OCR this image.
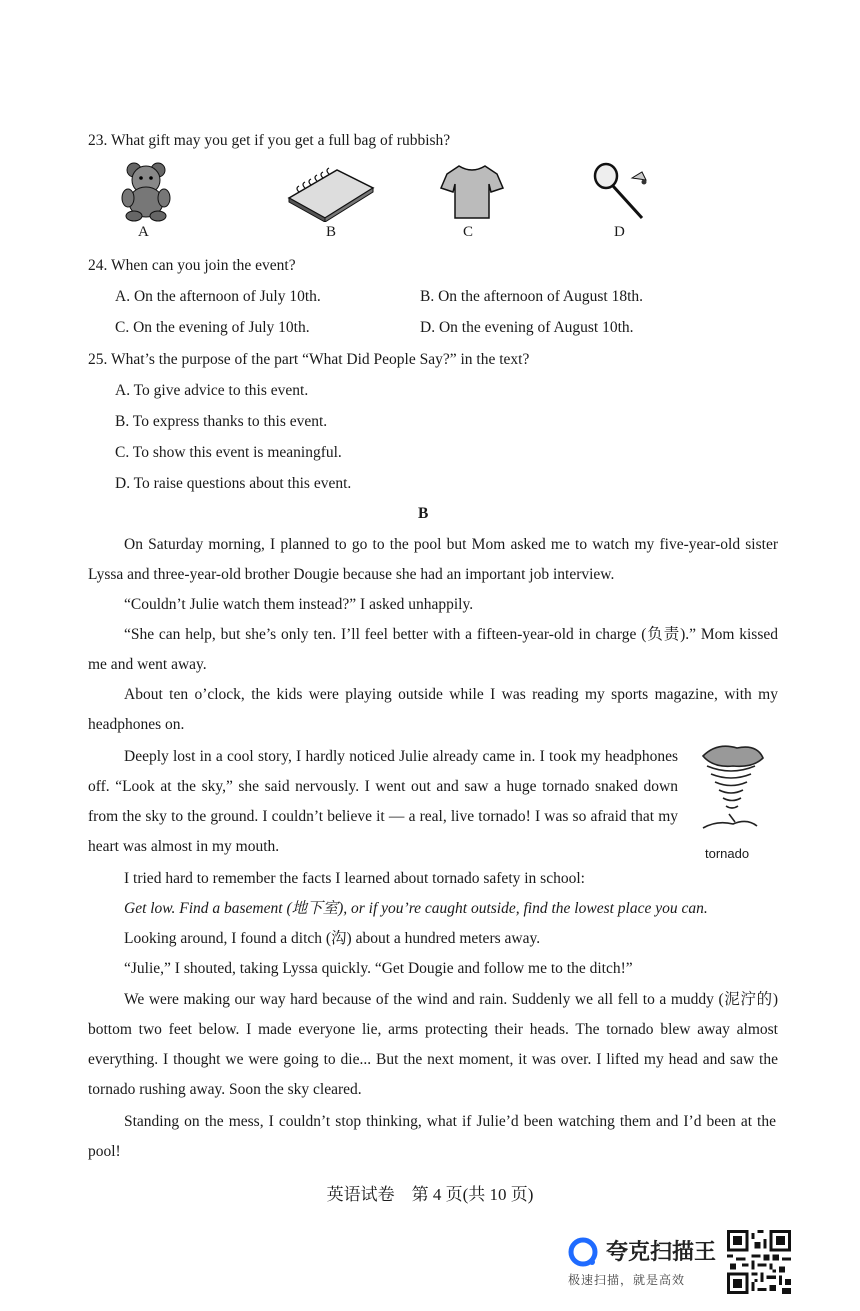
23. What gift may you get if you get a full bag of rubbish?
A	B	C	D
24. When can you join the event?
A. On the afternoon of July 10th.	B. On the afternoon of August 18th.
C. On the evening of July 10th.	D. On the evening of August 10th.
25. What’s the purpose of the part “What Did People Say?” in the text?
A. To give advice to this event.
B. To express thanks to this event.
C. To show this event is meaningful.
D. To raise questions about this event.
B
On Saturday morning, I planned to go to the pool but Mom asked me to watch my five-year-old sister Lyssa and three-year-old brother Dougie because she had an important job interview.
“Couldn’t Julie watch them instead?” I asked unhappily.
“She can help, but she’s only ten. I’ll feel better with a fifteen-year-old in charge (负责).” Mom kissed me and went away.
About ten o’clock, the kids were playing outside while I was reading my sports magazine, with my headphones on.
Deeply lost in a cool story, I hardly noticed Julie already came in. I took my headphones off. “Look at the sky,” she said nervously. I went out and saw a huge tornado snaked down from the sky to the ground. I couldn’t believe it — a real, live tornado! I was so afraid that my heart was almost in my mouth.	tornado
I tried hard to remember the facts I learned about tornado safety in school:
Get low. Find a basement (地下室), or if you’re caught outside, find the lowest place you can.
Looking around, I found a ditch (沟) about a hundred meters away.
“Julie,” I shouted, taking Lyssa quickly. “Get Dougie and follow me to the ditch!”
We were making our way hard because of the wind and rain. Suddenly we all fell to a muddy (泥泞的) bottom two feet below. I made everyone lie, arms protecting their heads. The tornado blew away almost everything. I thought we were going to die... But the next moment, it was over. I lifted my head and saw the tornado rushing away. Soon the sky cleared.
Standing on the mess, I couldn’t stop thinking, what if Julie’d been watching them and I’d been at the pool!
英语试卷　第 4 页(共 10 页)
夸克扫描王
极速扫描，就是高效
